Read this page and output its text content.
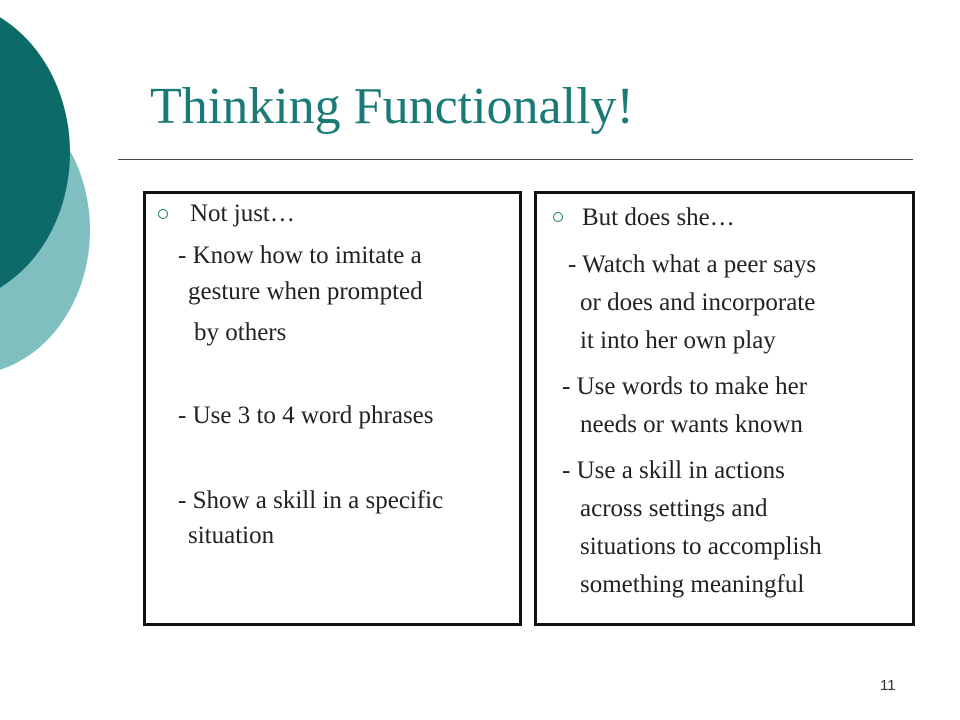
Thinking Functionally!
Not just…
- Know how to imitate a
gesture when prompted
by others
- Use 3 to 4 word phrases
- Show a skill in a specific
situation
But does she…
- Watch what a peer says
or does and incorporate
it into her own play
- Use words to make her
needs or wants known
- Use a skill in actions
across settings and
situations to accomplish
something meaningful
11
